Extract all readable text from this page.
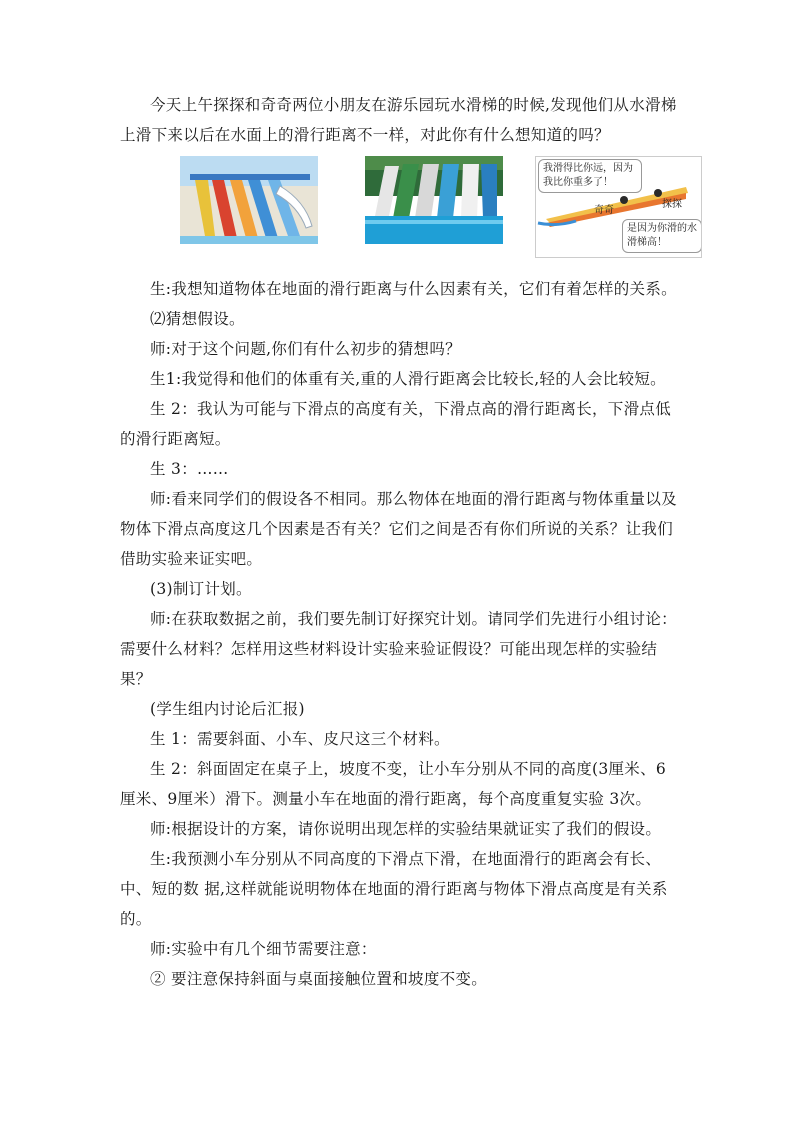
今天上午探探和奇奇两位小朋友在游乐园玩水滑梯的时候,发现他们从水滑梯上滑下来以后在水面上的滑行距离不一样，对此你有什么想知道的吗？

我滑得比你远，因为我比你重多了！
奇奇
探探
是因为你滑的水滑梯高！

生:我想知道物体在地面的滑行距离与什么因素有关，它们有着怎样的关系。

⑵猜想假设。

师:对于这个问题,你们有什么初步的猜想吗？

生1:我觉得和他们的体重有关,重的人滑行距离会比较长,轻的人会比较短。

生 2：我认为可能与下滑点的高度有关，下滑点高的滑行距离长，下滑点低的滑行距离短。

生 3：……

师:看来同学们的假设各不相同。那么物体在地面的滑行距离与物体重量以及物体下滑点高度这几个因素是否有关？它们之间是否有你们所说的关系？让我们借助实验来证实吧。

(3)制订计划。

师:在获取数据之前，我们要先制订好探究计划。请同学们先进行小组讨论：需要什么材料？怎样用这些材料设计实验来验证假设？可能出现怎样的实验结果？

(学生组内讨论后汇报)

生 1：需要斜面、小车、皮尺这三个材料。

生 2：斜面固定在桌子上，坡度不变，让小车分别从不同的高度(3厘米、6厘米、9厘米）滑下。测量小车在地面的滑行距离，每个高度重复实验 3次。

师:根据设计的方案，请你说明出现怎样的实验结果就证实了我们的假设。

生:我预测小车分别从不同高度的下滑点下滑，在地面滑行的距离会有长、中、短的数 据,这样就能说明物体在地面的滑行距离与物体下滑点高度是有关系的。

师:实验中有几个细节需要注意：

② 要注意保持斜面与桌面接触位置和坡度不变。
